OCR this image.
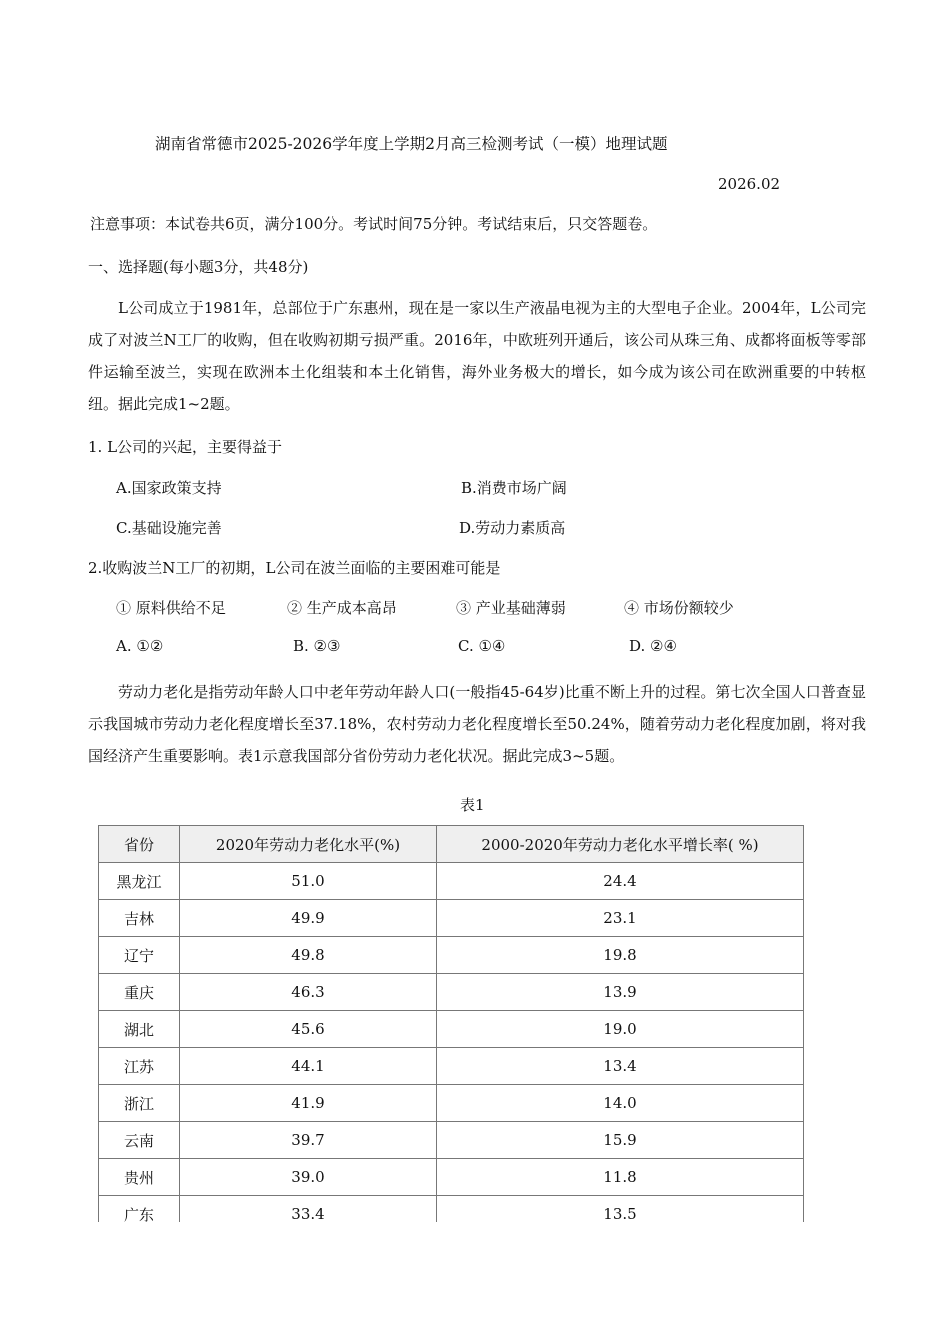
湖南省常德市2025-2026学年度上学期2月高三检测考试（一模）地理试题
2026.02
注意事项：本试卷共6页，满分100分。考试时间75分钟。考试结束后，只交答题卷。
一、选择题(每小题3分，共48分)

L公司成立于1981年，总部位于广东惠州，现在是一家以生产液晶电视为主的大型电子企业。2004年，L公司完成了对波兰N工厂的收购，但在收购初期亏损严重。2016年，中欧班列开通后，该公司从珠三角、成都将面板等零部件运输至波兰，实现在欧洲本土化组装和本土化销售，海外业务极大的增长，如今成为该公司在欧洲重要的中转枢纽。据此完成1~2题。

1. L公司的兴起，主要得益于
A.国家政策支持	B.消费市场广阔
C.基础设施完善	D.劳动力素质高
2.收购波兰N工厂的初期，L公司在波兰面临的主要困难可能是
① 原料供给不足	② 生产成本高昂	③ 产业基础薄弱	④ 市场份额较少
A. ①②	B. ②③	C. ①④	D. ②④

劳动力老化是指劳动年龄人口中老年劳动年龄人口(一般指45-64岁)比重不断上升的过程。第七次全国人口普查显示我国城市劳动力老化程度增长至37.18%，农村劳动力老化程度增长至50.24%，随着劳动力老化程度加剧，将对我国经济产生重要影响。表1示意我国部分省份劳动力老化状况。据此完成3~5题。

表1
省份	2020年劳动力老化水平(%)	2000-2020年劳动力老化水平增长率( %)
黑龙江	51.0	24.4
吉林	49.9	23.1
辽宁	49.8	19.8
重庆	46.3	13.9
湖北	45.6	19.0
江苏	44.1	13.4
浙江	41.9	14.0
云南	39.7	15.9
贵州	39.0	11.8
广东	33.4	13.5
